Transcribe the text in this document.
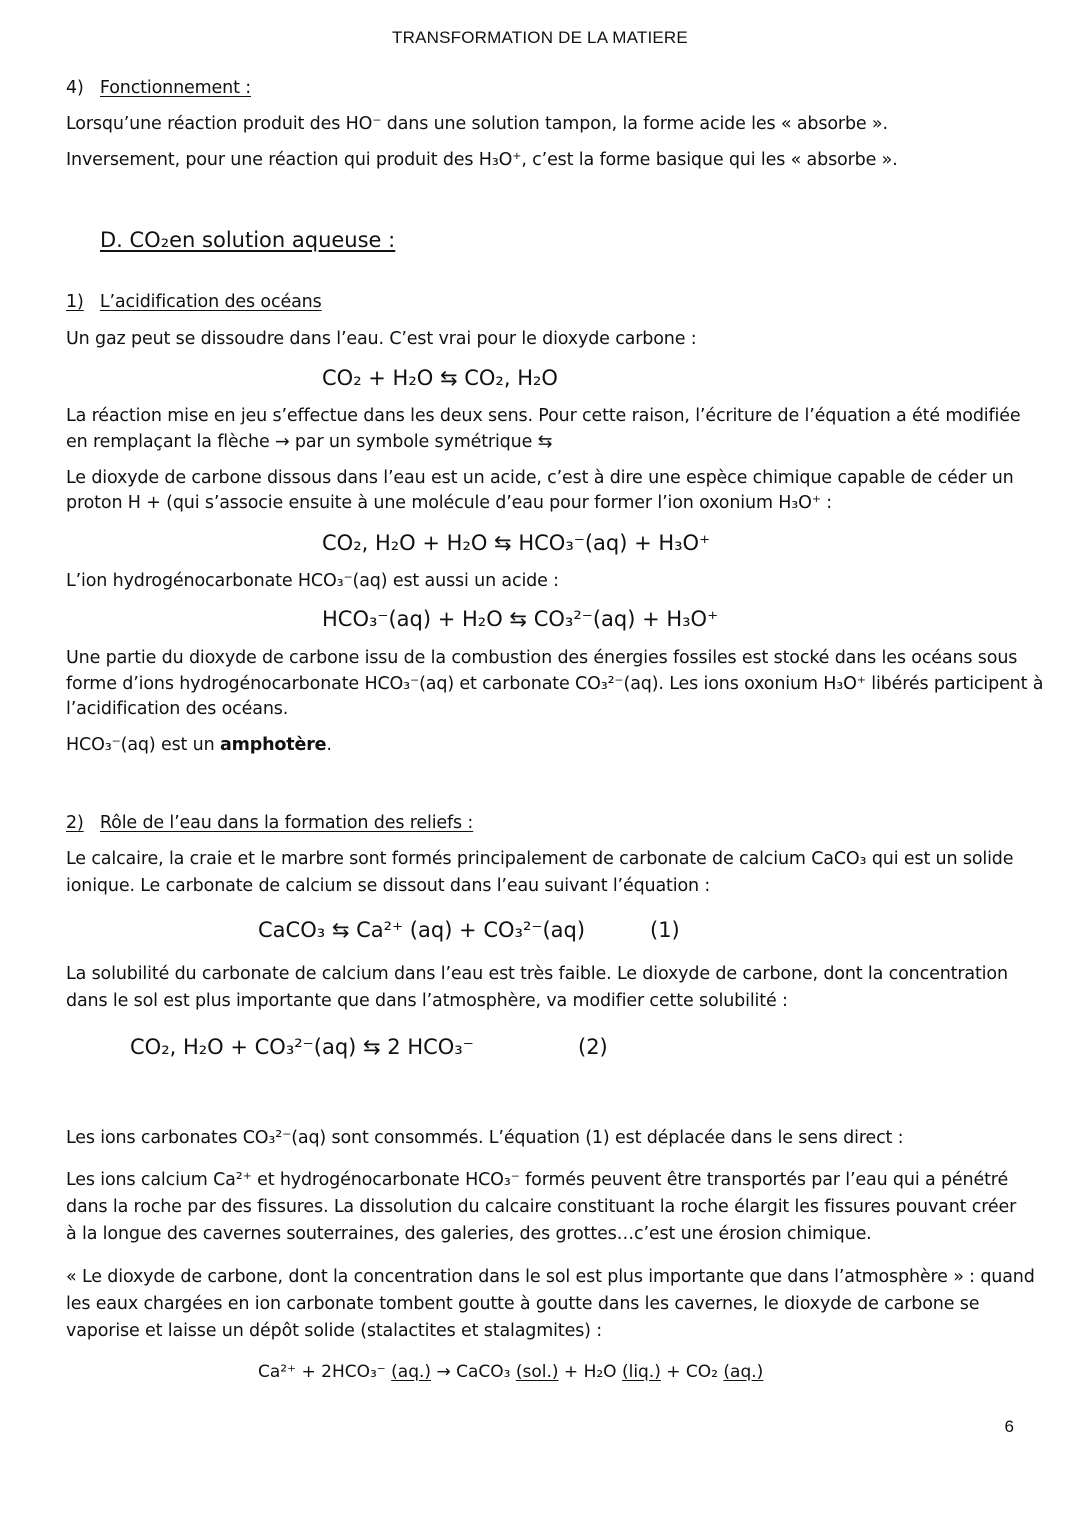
TRANSFORMATION DE LA MATIERE
4) Fonctionnement :
Lorsqu’une réaction produit des HO⁻ dans une solution tampon, la forme acide les « absorbe ».
Inversement, pour une réaction qui produit des H₃O⁺, c’est la forme basique qui les « absorbe ».
D. CO₂en solution aqueuse :
1) L’acidification des océans
Un gaz peut se dissoudre dans l’eau. C’est vrai pour le dioxyde carbone :
CO₂ + H₂O ⇆ CO₂, H₂O
La réaction mise en jeu s’effectue dans les deux sens. Pour cette raison, l’écriture de l’équation a été modifiée
en remplaçant la flèche → par un symbole symétrique ⇆
Le dioxyde de carbone dissous dans l’eau est un acide, c’est à dire une espèce chimique capable de céder un
proton H + (qui s’associe ensuite à une molécule d’eau pour former l’ion oxonium H₃O⁺ :
CO₂, H₂O + H₂O ⇆ HCO₃⁻(aq) + H₃O⁺
L’ion hydrogénocarbonate HCO₃⁻(aq) est aussi un acide :
HCO₃⁻(aq) + H₂O ⇆ CO₃²⁻(aq) + H₃O⁺
Une partie du dioxyde de carbone issu de la combustion des énergies fossiles est stocké dans les océans sous
forme d’ions hydrogénocarbonate HCO₃⁻(aq) et carbonate CO₃²⁻(aq). Les ions oxonium H₃O⁺ libérés participent à
l’acidification des océans.
HCO₃⁻(aq) est un amphotère.
2) Rôle de l’eau dans la formation des reliefs :
Le calcaire, la craie et le marbre sont formés principalement de carbonate de calcium CaCO₃ qui est un solide
ionique. Le carbonate de calcium se dissout dans l’eau suivant l’équation :
CaCO₃ ⇆ Ca²⁺ (aq) + CO₃²⁻(aq)	(1)
La solubilité du carbonate de calcium dans l’eau est très faible. Le dioxyde de carbone, dont la concentration
dans le sol est plus importante que dans l’atmosphère, va modifier cette solubilité :
CO₂, H₂O + CO₃²⁻(aq) ⇆ 2 HCO₃⁻	(2)
Les ions carbonates CO₃²⁻(aq) sont consommés. L’équation (1) est déplacée dans le sens direct :
Les ions calcium Ca²⁺ et hydrogénocarbonate HCO₃⁻ formés peuvent être transportés par l’eau qui a pénétré
dans la roche par des fissures. La dissolution du calcaire constituant la roche élargit les fissures pouvant créer
à la longue des cavernes souterraines, des galeries, des grottes…c’est une érosion chimique.
« Le dioxyde de carbone, dont la concentration dans le sol est plus importante que dans l’atmosphère » : quand
les eaux chargées en ion carbonate tombent goutte à goutte dans les cavernes, le dioxyde de carbone se
vaporise et laisse un dépôt solide (stalactites et stalagmites) :
Ca²⁺ + 2HCO₃⁻ (aq.) → CaCO₃ (sol.) + H₂O (liq.) + CO₂ (aq.)
6
